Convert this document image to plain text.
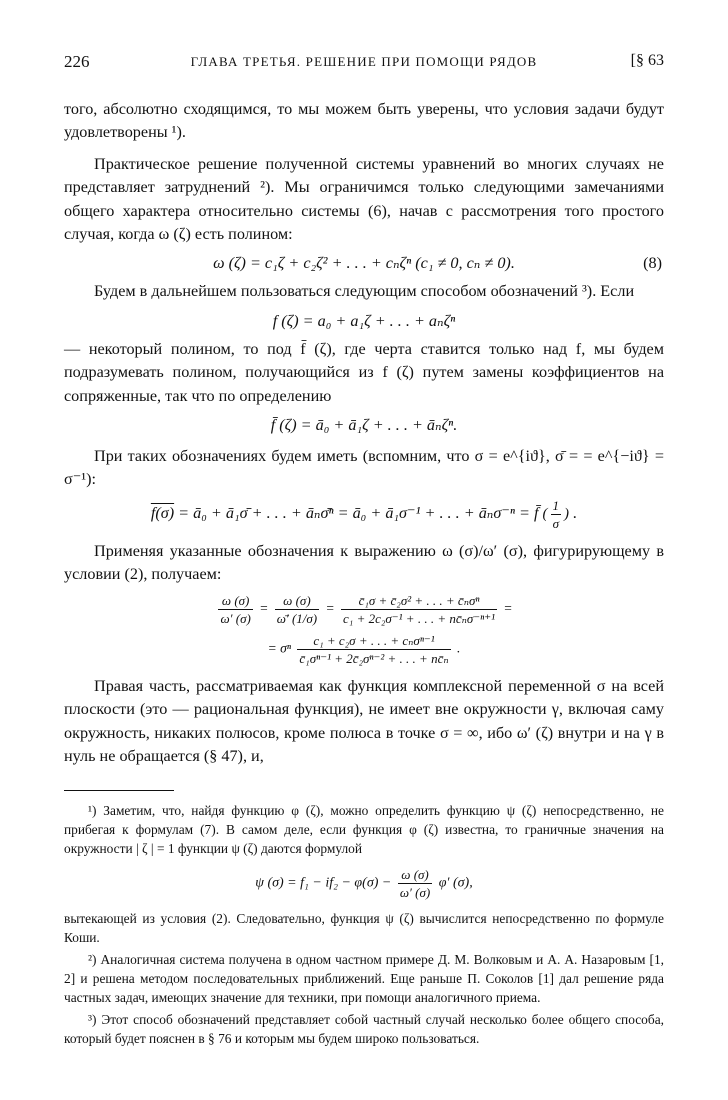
226	ГЛАВА ТРЕТЬЯ. РЕШЕНИЕ ПРИ ПОМОЩИ РЯДОВ	[§ 63

того, абсолютно сходящимся, то мы можем быть уверены, что условия задачи будут удовлетворены ¹).

Практическое решение полученной системы уравнений во многих случаях не представляет затруднений ²). Мы ограничимся только следующими замечаниями общего характера относительно системы (6), начав с рассмотрения того простого случая, когда ω (ζ) есть полином:

ω (ζ) = c₁ζ + c₂ζ² + . . . + cₙζⁿ (c₁ ≠ 0, cₙ ≠ 0).	(8)

Будем в дальнейшем пользоваться следующим способом обозначений ³). Если

f (ζ) = a₀ + a₁ζ + . . . + aₙζⁿ

— некоторый полином, то под f̄ (ζ), где черта ставится только над f, мы будем подразумевать полином, получающийся из f (ζ) путем замены коэффициентов на сопряженные, так что по определению

f̄ (ζ) = ā₀ + ā₁ζ + . . . + āₙζⁿ.

При таких обозначениях будем иметь (вспомним, что σ = e^{iϑ}, σ̄ = = e^{−iϑ} = σ⁻¹):

f(σ) = ā₀ + ā₁σ̄ + . . . + āₙσ̄ⁿ = ā₀ + ā₁σ⁻¹ + . . . + āₙσ⁻ⁿ = f̄ ( $\frac{1}{\sigma}$ ) .

Применяя указанные обозначения к выражению ω (σ)/ω′ (σ), фигурирующему в условии (2), получаем:

$\frac{\omega (\sigma)}{\omega' (\sigma)} = \frac{\omega (\sigma)}{\omegā' (1/\sigma)} = \frac{\text{c̄₁σ + c̄₂σ² + . . . + c̄ₙσⁿ}}{\text{c₁ + 2c₂σ⁻¹ + . . . + nc̄ₙσ⁻ⁿ⁺¹}}$ =
= σⁿ $\frac{\text{c₁ + c₂σ + . . . + cₙσⁿ⁻¹}}{\text{c̄₁σⁿ⁻¹ + 2c̄₂σⁿ⁻² + . . . + nc̄ₙ}}$ .

Правая часть, рассматриваемая как функция комплексной переменной σ на всей плоскости (это — рациональная функция), не имеет вне окружности γ, включая саму окружность, никаких полюсов, кроме полюса в точке σ = ∞, ибо ω′ (ζ) внутри и на γ в нуль не обращается (§ 47), и,

¹) Заметим, что, найдя функцию φ (ζ), можно определить функцию ψ (ζ) непосредственно, не прибегая к формулам (7). В самом деле, если функция φ (ζ) известна, то граничные значения на окружности | ζ | = 1 функции ψ (ζ) даются формулой

ψ $(\sigma) = f_1 - if_2 - \varphi(\sigma) - \frac{\omega (\sigma)}{\omega' (\sigma)} \varphi'$ (σ),

вытекающей из условия (2). Следовательно, функция ψ (ζ) вычислится непосредственно по формуле Коши.

²) Аналогичная система получена в одном частном примере Д. М. Волковым и А. А. Назаровым [1, 2] и решена методом последовательных приближений. Еще раньше П. Соколов [1] дал решение ряда частных задач, имеющих значение для техники, при помощи аналогичного приема.

³) Этот способ обозначений представляет собой частный случай несколько более общего способа, который будет пояснен в § 76 и которым мы будем широко пользоваться.
